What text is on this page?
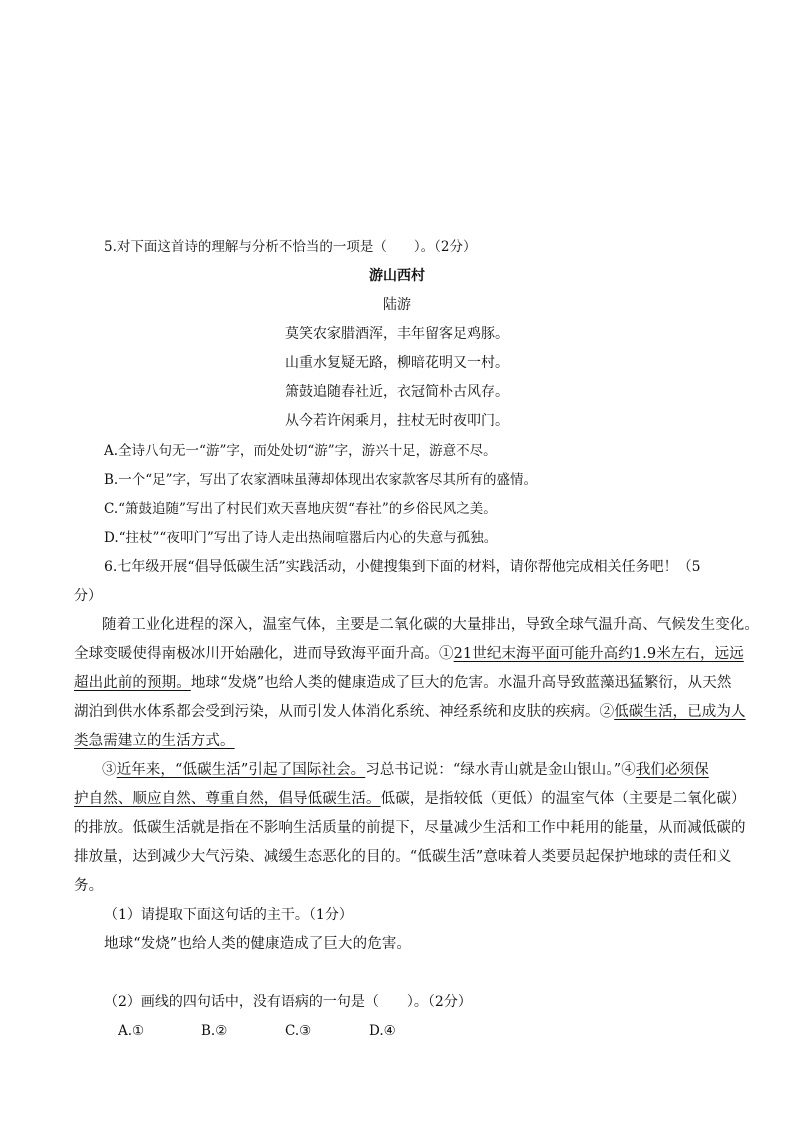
5.对下面这首诗的理解与分析不恰当的一项是（　　）。（2分）
游山西村
陆游
莫笑农家腊酒浑，丰年留客足鸡豚。
山重水复疑无路，柳暗花明又一村。
箫鼓追随春社近，衣冠简朴古风存。
从今若许闲乘月，拄杖无时夜叩门。
A.全诗八句无一“游”字，而处处切“游”字，游兴十足，游意不尽。
B.一个“足”字，写出了农家酒味虽薄却体现出农家款客尽其所有的盛情。
C.“箫鼓追随”写出了村民们欢天喜地庆贺“春社”的乡俗民风之美。
D.“拄杖”“夜叩门”写出了诗人走出热闹喧嚣后内心的失意与孤独。
6.七年级开展“倡导低碳生活”实践活动，小健搜集到下面的材料，请你帮他完成相关任务吧！（5
分）
随着工业化进程的深入，温室气体，主要是二氧化碳的大量排出，导致全球气温升高、气候发生变化。
全球变暖使得南极冰川开始融化，进而导致海平面升高。①21世纪末海平面可能升高约1.9米左右，远远
超出此前的预期。地球“发烧”也给人类的健康造成了巨大的危害。水温升高导致蓝藻迅猛繁衍，从天然
湖泊到供水体系都会受到污染，从而引发人体消化系统、神经系统和皮肤的疾病。②低碳生活，已成为人
类急需建立的生活方式。
③近年来，“低碳生活”引起了国际社会。习总书记说：“绿水青山就是金山银山。”④我们必须保
护自然、顺应自然、尊重自然，倡导低碳生活。低碳，是指较低（更低）的温室气体（主要是二氧化碳）
的排放。低碳生活就是指在不影响生活质量的前提下，尽量减少生活和工作中耗用的能量，从而减低碳的
排放量，达到减少大气污染、减缓生态恶化的目的。“低碳生活”意味着人类要员起保护地球的责任和义
务。
（1）请提取下面这句话的主干。（1分）
地球“发烧”也给人类的健康造成了巨大的危害。
（2）画线的四句话中，没有语病的一句是（　　）。（2分）
A.①	B.②	C.③	D.④
